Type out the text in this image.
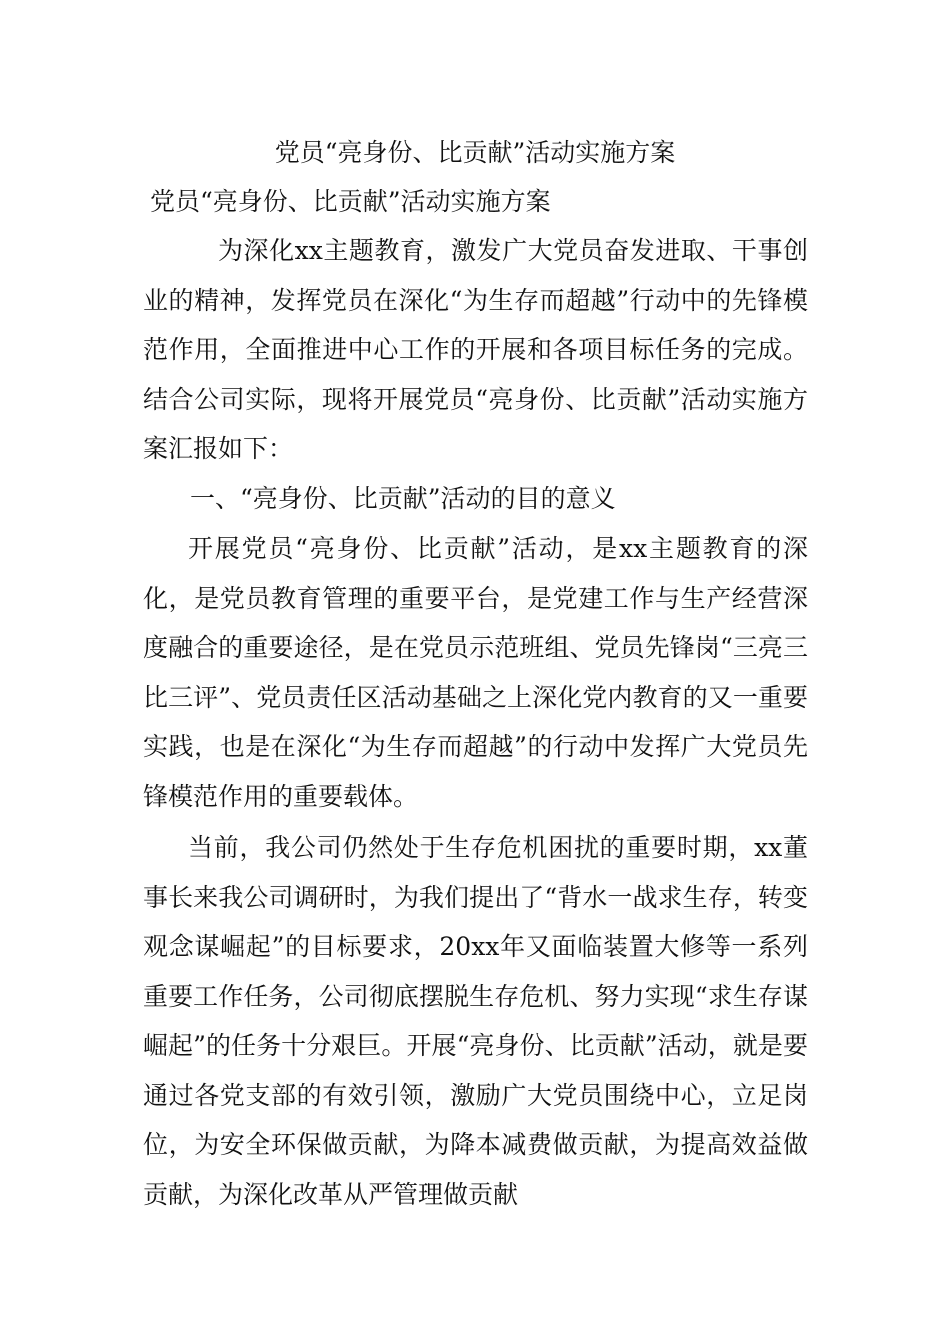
党员“亮身份、比贡献”活动实施方案
党员“亮身份、比贡献”活动实施方案

为深化xx主题教育，激发广大党员奋发进取、干事创业的精神，发挥党员在深化“为生存而超越”行动中的先锋模范作用，全面推进中心工作的开展和各项目标任务的完成。结合公司实际，现将开展党员“亮身份、比贡献”活动实施方案汇报如下：

一、“亮身份、比贡献”活动的目的意义

开展党员“亮身份、比贡献”活动，是xx主题教育的深化，是党员教育管理的重要平台，是党建工作与生产经营深度融合的重要途径，是在党员示范班组、党员先锋岗“三亮三比三评”、党员责任区活动基础之上深化党内教育的又一重要实践，也是在深化“为生存而超越”的行动中发挥广大党员先锋模范作用的重要载体。

当前，我公司仍然处于生存危机困扰的重要时期，xx董事长来我公司调研时，为我们提出了“背水一战求生存，转变观念谋崛起”的目标要求，20xx年又面临装置大修等一系列重要工作任务，公司彻底摆脱生存危机、努力实现“求生存谋崛起”的任务十分艰巨。开展“亮身份、比贡献”活动，就是要通过各党支部的有效引领，激励广大党员围绕中心，立足岗位，为安全环保做贡献，为降本减费做贡献，为提高效益做贡献，为深化改革从严管理做贡献
